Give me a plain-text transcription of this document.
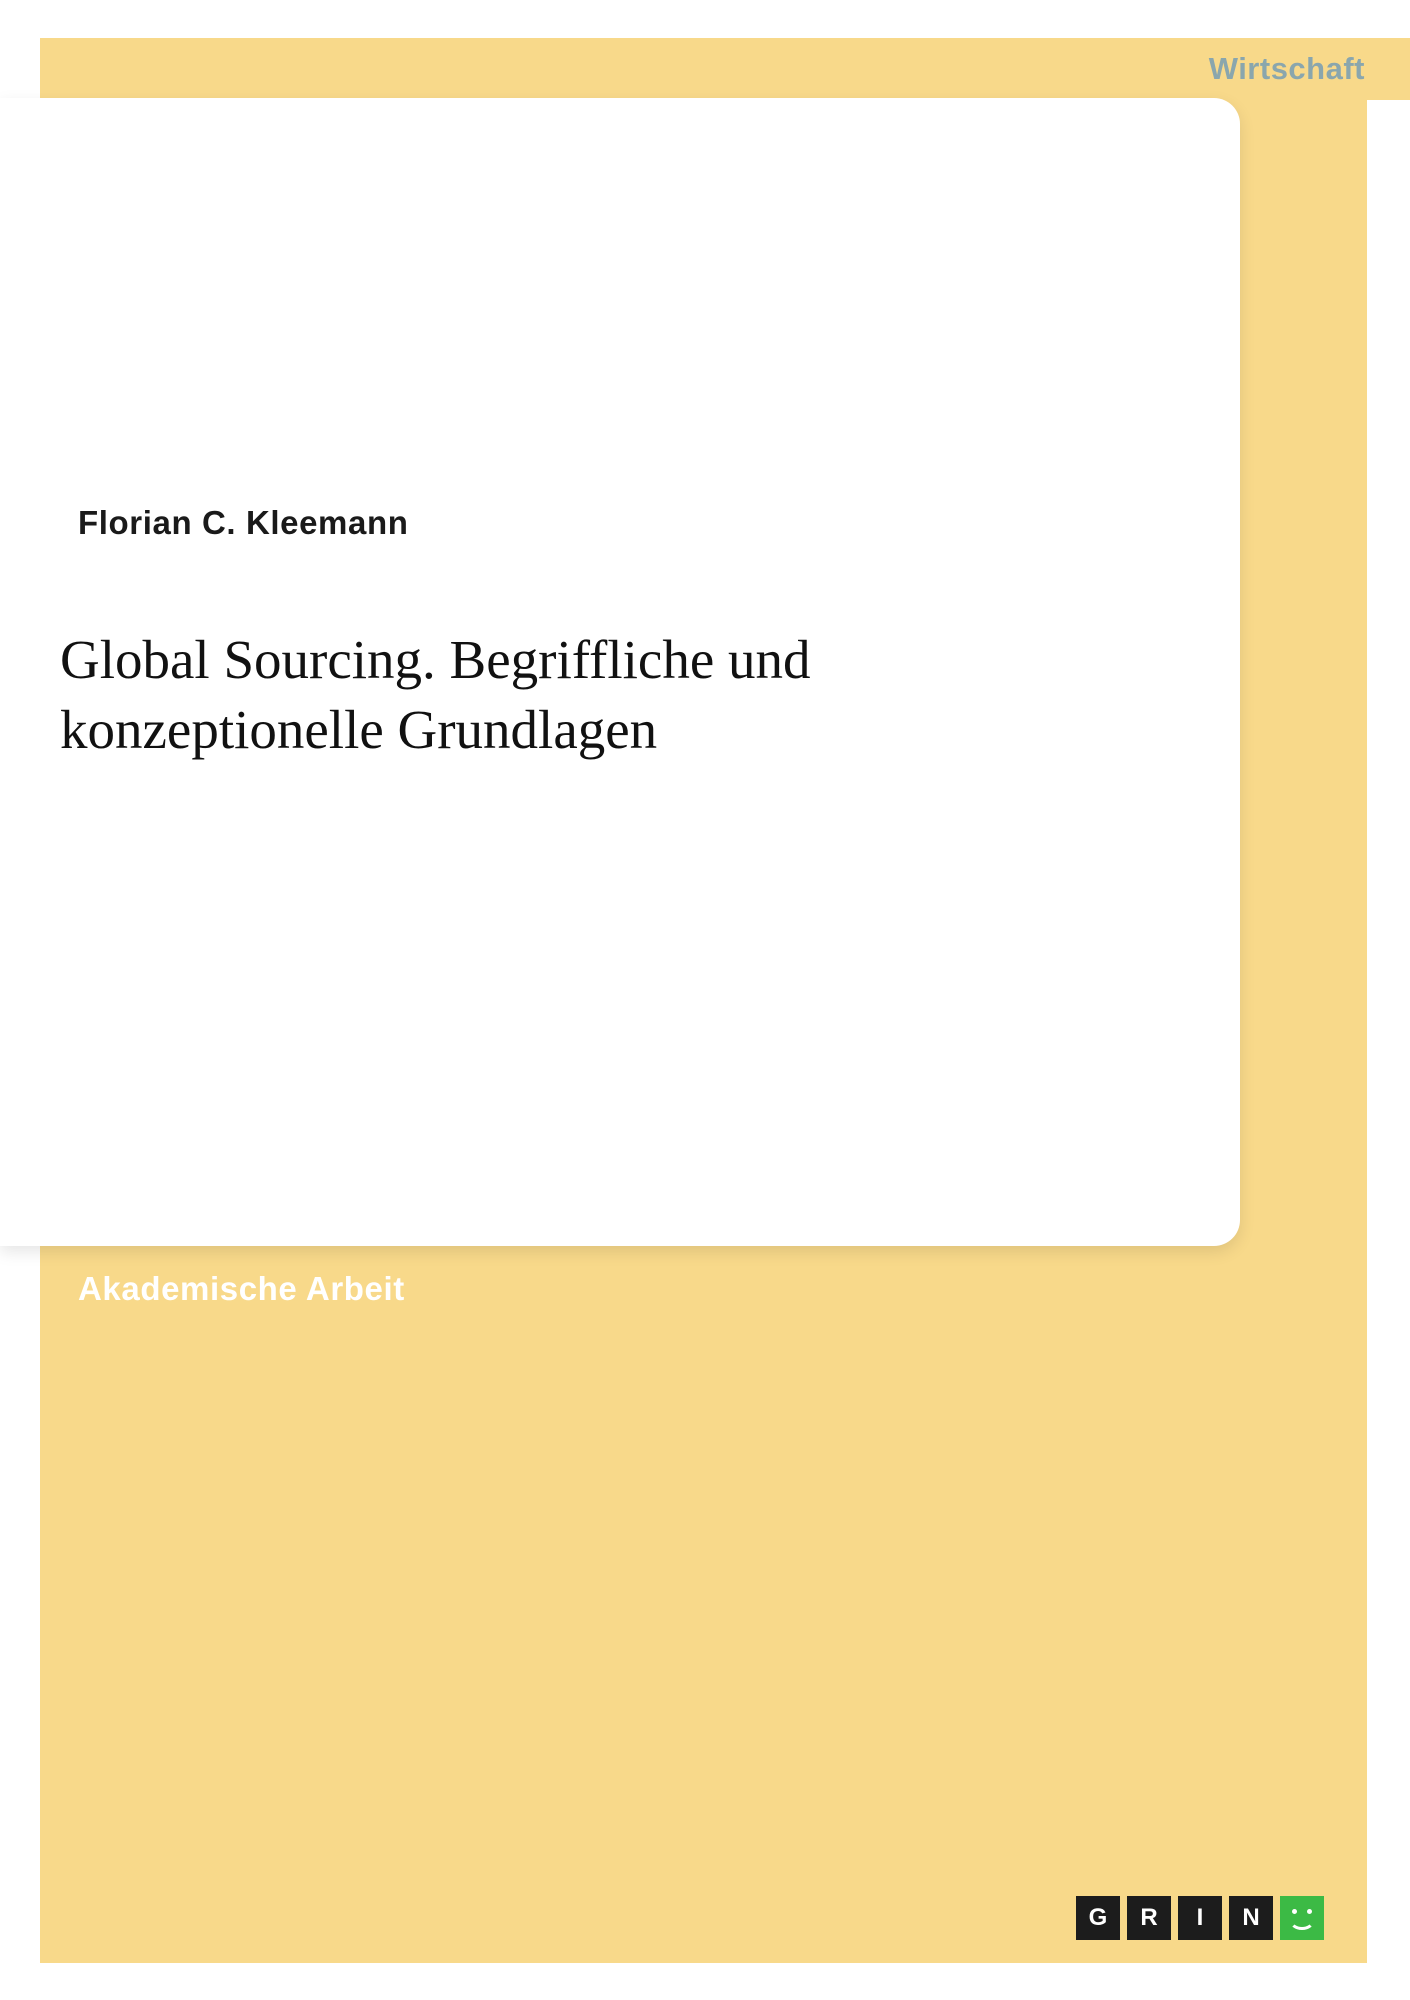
Wirtschaft
Florian C. Kleemann
Global Sourcing. Begriffliche und konzeptionelle Grundlagen
Akademische Arbeit
G	R	I	N
